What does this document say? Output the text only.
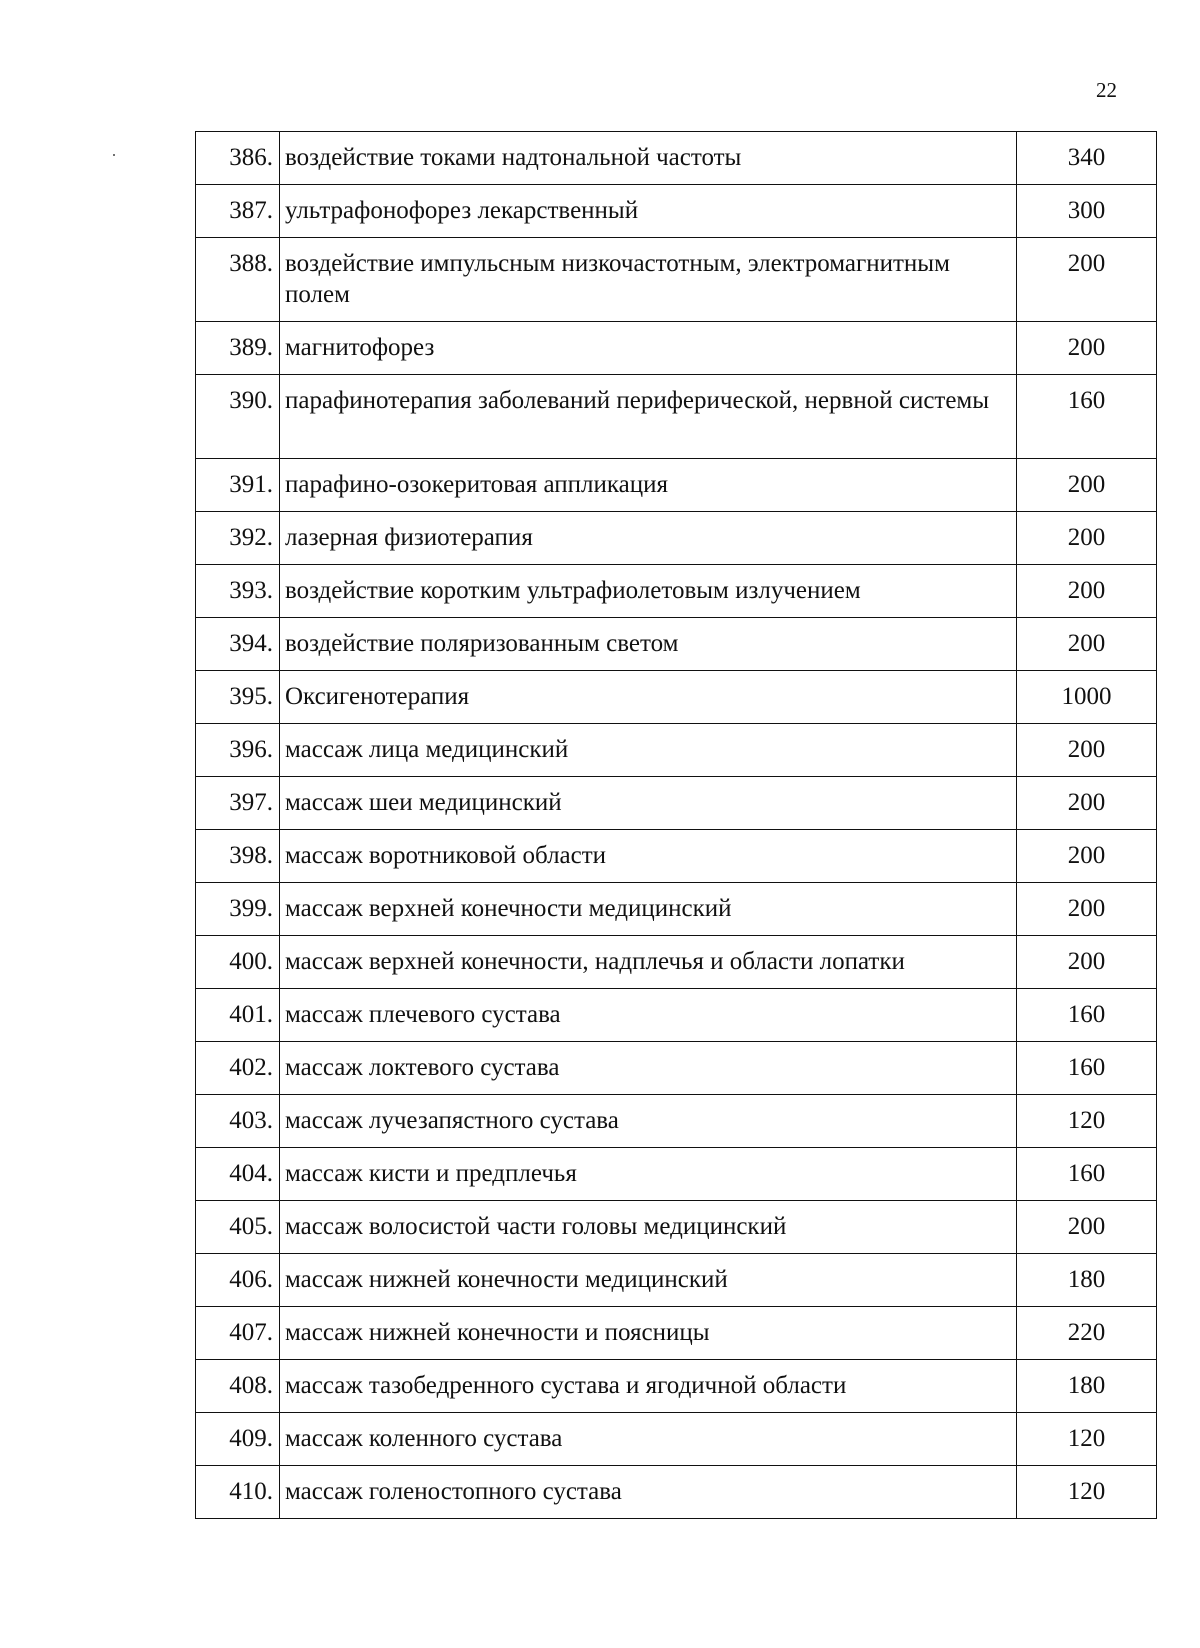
22
386.	воздействие токами надтональной частоты	340
387.	ультрафонофорез лекарственный	300
388.	воздействие импульсным низкочастотным, электромагнитным полем	200
389.	магнитофорез	200
390.	парафинотерапия заболеваний периферической, нервной системы	160
391.	парафино-озокеритовая аппликация	200
392.	лазерная физиотерапия	200
393.	воздействие коротким ультрафиолетовым излучением	200
394.	воздействие поляризованным светом	200
395.	Оксигенотерапия	1000
396.	массаж лица медицинский	200
397.	массаж шеи медицинский	200
398.	массаж воротниковой области	200
399.	массаж верхней конечности медицинский	200
400.	массаж верхней конечности, надплечья и области лопатки	200
401.	массаж плечевого сустава	160
402.	массаж локтевого сустава	160
403.	массаж лучезапястного сустава	120
404.	массаж кисти и предплечья	160
405.	массаж волосистой части головы медицинский	200
406.	массаж нижней конечности медицинский	180
407.	массаж нижней конечности и поясницы	220
408.	массаж тазобедренного сустава и ягодичной области	180
409.	массаж коленного сустава	120
410.	массаж голеностопного сустава	120
